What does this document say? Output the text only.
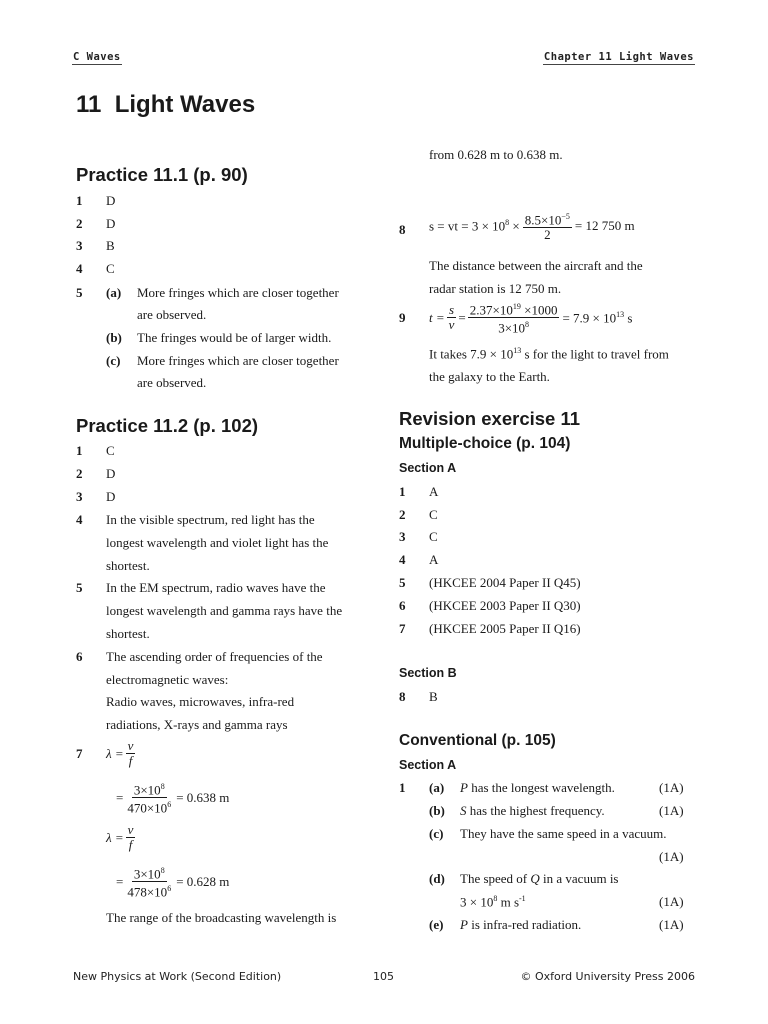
C Waves	Chapter 11 Light Waves
11  Light Waves
Practice 11.1 (p. 90)
1 D
2 D
3 B
4 C
5 (a) More fringes which are closer together
are observed.
(b) The fringes would be of larger width.
(c) More fringes which are closer together
are observed.
Practice 11.2 (p. 102)
1 C
2 D
3 D
4 In the visible spectrum, red light has the
longest wavelength and violet light has the
shortest.
5 In the EM spectrum, radio waves have the
longest wavelength and gamma rays have the
shortest.
6 The ascending order of frequencies of the
electromagnetic waves:
Radio waves, microwaves, infra-red
radiations, X-rays and gamma rays
7 $\lambda = \frac{v}{f}$
= $\frac{3\times 10^8}{470\times 10^6} = 0.638$ m
$\lambda = \frac{v}{f}$
= $\frac{3\times 10^8}{478\times 10^6} = 0.628$ m
The range of the broadcasting wavelength is
from 0.628 m to 0.638 m.
8 s = vt = $3 \times 10^8 \times \frac{8.5\times 10^{-5}}{2} = 12$ 750 m
The distance between the aircraft and the
radar station is 12 750 m.
9 $t = \frac{s}{v} = \frac{2.37\times 10^{19} \times 1000}{3\times 10^8} = 7.9 \times 10^{13}$ s
It takes $7.9 \times 10^{13}$ s for the light to travel from
the galaxy to the Earth.
Revision exercise 11
Multiple-choice (p. 104)
Section A
1 A
2 C
3 C
4 A
5 (HKCEE 2004 Paper II Q45)
6 (HKCEE 2003 Paper II Q30)
7 (HKCEE 2005 Paper II Q16)
Section B
8 B
Conventional (p. 105)
Section A
1 (a) P has the longest wavelength.	(1A)
(b) S has the highest frequency.	(1A)
(c) They have the same speed in a vacuum.
(1A)
(d) The speed of Q in a vacuum is
$3 \times 10^8$ m $s^{-1}$	(1A)
(e) P is infra-red radiation.	(1A)
New Physics at Work (Second Edition)	105	© Oxford University Press 2006
